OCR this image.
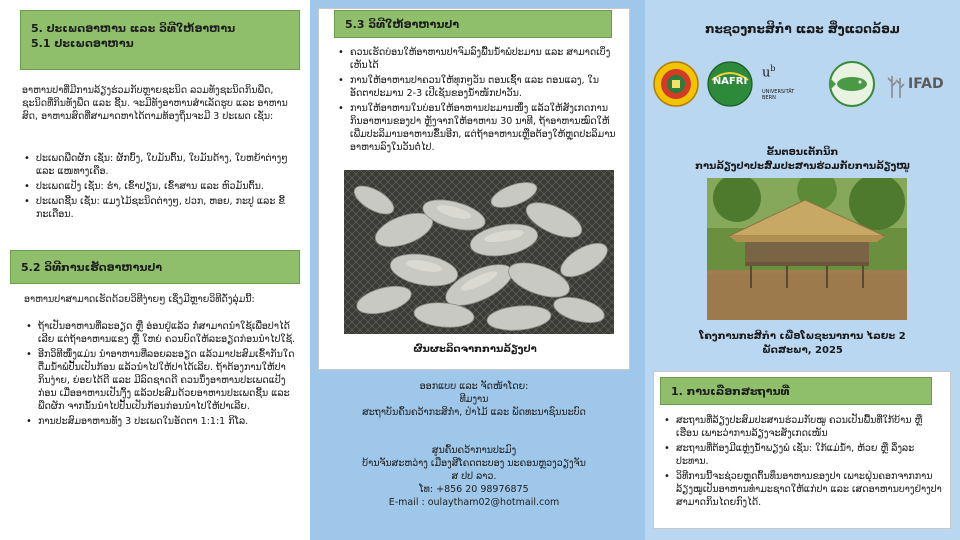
5. ປະເພດອາຫານ ແລະ ວິທີໃຫ້ອາຫານ
5.1 ປະເພດອາຫານ
ອາຫານປາທີ່ມີການລ້ຽງຮ່ວມກັບຫຼາຍຊະນິດ ລວມທັງຊະນິດກິນພືດ, ຊະນິດທີ່ກິນທັງພືດ ແລະ ຊີ້ນ. ຈະມີທັງອາຫານສຳເລັດຮູບ ແລະ ອາຫານສົດ, ອາຫານສົດທີ່ສາມາດຫາໄດ້ຕາມທ້ອງຖິ່ນຈະມີ 3 ປະເພດ ເຊັ່ນ:
• ປະເພດພືດຜັກ ເຊັ່ນ: ຜັກບົ້ງ, ໃບມັນຕົ້ນ, ໃບມັນດ້າງ, ໃບຫຍ້າຕ່າງໆ ແລະ ແໜທາງເຄືອ.
• ປະເພດແປ້ງ ເຊັ່ນ: ຮຳ, ເຂົ້າປຽນ, ເຂົ້າສານ ແລະ ຫົວມັນຕົ້ນ.
• ປະເພດຊີ້ນ ເຊັ່ນ: ແມງໄມ້ຊະນິດຕ່າງໆ, ປວກ, ຫອຍ, ກະປູ ແລະ ຂີ້ກະເດືອນ.
5.2 ວິທີການເຮັດອາຫານປາ
ອາຫານປາສາມາດເຮັດດ້ວຍວິທີງ່າຍໆ ເຊິ່ງມີຫຼາຍວິທີດັ່ງລຸ່ມນີ້:
• ຖ້າເປັນອາຫານທີ່ລະອຽດ ຫຼື ອ່ອນຢູ່ແລ້ວ ກໍ່ສາມາດນຳໃຊ້ເພື່ອປາໄດ້ເລີຍ ແຕ່ຖ້າອາຫານແຂງ ຫຼື ໃຫຍ່ ຄວນບົດໃຫ້ລະອຽດກ່ອນນຳໄປໃຊ້.
• ອີກວິທີໜຶ່ງແມ່ນ ນຳອາຫານທີ່ລອຍລະອຽດ ແລ້ວມາປະສົມເຂົ້າກັນໃດຕື່ມນ້ຳພໍປັ້ນເປັນກ້ອນ ແລ້ວນຳໄປໃຫ້ປາໄດ້ເລີຍ. ຖ້າຕ້ອງການໃຫ້ປາກິນງ່າຍ, ຍ່ອຍໄດ້ດີ ແລະ ມີລົດຊາດດີ ຄວນນຶ່ງອາຫານປະເພດແປ້ງກ່ອນ ເມື່ອອາຫານເປັນງົ້ງ ແລ້ວປະສົມດ້ວຍອາຫານປະເພດຊີ້ນ ແລະ ພືດຜັກ ຈາກນັ້ນນຳໄປປັ້ນເປັນກ້ອນກ່ອນນຳໄປໃຫ້ປາເລີຍ.
• ການປະສົມອາຫານທັງ 3 ປະເພດໃນອັດຕາ 1:1:1 ກິໂລ.
5.3 ວິທີໃຫ້ອາຫານປາ
• ຄວນເຮັດບ່ອນໃຫ້ອາຫານປາຈົມລົງພື້ນນ້ຳພໍປະມານ ແລະ ສາມາດເບິ່ງເຫັນໄດ້
• ການໃຫ້ອາຫານປາຄວນໃຫ້ທຸກໆວັນ ຕອນເຊົ້າ ແລະ ຕອນແລງ, ໃນອັດຕາປະມານ 2-3 ເປີເຊັນຂອງນ້ຳໜັກປາວັນ.
• ການໃຫ້ອາຫານໃນບ່ອນໃຫ້ອາຫານປະມານໜຶ່ງ ແລ້ວໃຫ້ສັງເກດການກິນອາຫານຂອງປາ ຫຼັງຈາກໃຫ້ອາຫານ 30 ນາທີ, ຖ້າອາຫານໝົດໃຫ້ເພີ່ມປະລິມານອາຫານຂຶ້ນອີກ, ແຕ່ຖ້າອາຫານເຫຼືອຕ້ອງໃຫ້ຫຼຸດປະລິມານອາຫານລົງໃນວັນຕໍ່ໄປ.
ຜົນຜະລິດຈາກການລ້ຽງປາ
ອອກແບບ ແລະ ຈັດໜ້າໂດຍ:
ທີມງານ
ສະຖາບັນຄົ້ນຄວ້າກະສິກຳ, ປ່າໄມ້ ແລະ ພັດທະນາຊົນນະບົດ
ສູນຄົ້ນຄວ້າການປະມົງ
ບ້ານຈັນສະຫວ່າງ ເມືອງສີໂຄດຕະບອງ ນະຄອນຫຼວງວຽງຈັນ
ສ ປປ ລາວ.
ໂທ: +856 20 98976875
E-mail : oulaytham02@hotmail.com
ກະຊວງກະສິກຳ ແລະ ສິ່ງແວດລ້ອມ
NAFRI
$u^b$
UNIVERSITÄT
BERN
IFAD
ຂັ້ນຕອນເຕັກນິກ
ການລ້ຽງປາປະສົມປະສານຮ່ວມກັບການລ້ຽງໝູ
ໂຄງການກະສິກຳ ເພື່ອໂພຊະນາການ ໄລຍະ 2
ພັດສະພາ, 2025
1. ການເລືອກສະຖານທີ່
• ສະຖານທີ່ລ້ຽງປະສົມປະສານຮ່ວມກັບໝູ ຄວນເປັນພື້ນທີ່ໃກ້ບ້ານ ຫຼື ເຮືອນ ເພາະວ່າການລ້ຽງຈະສັງເກດເໜັນ
• ສະຖານທີ່ຕ້ອງມີແຫຼ່ງນ້ຳພຽງພໍ ເຊັ່ນ: ໃກ້ແມ່ນ້ຳ, ຫ້ວຍ ຫຼື ລິ່ງລະປະທານ.
• ວິທີການນີ້ຈະຊ່ວຍຫຼຸດຕົ້ນທຶນອາຫານຂອງປາ ເພາະຝຸ່ນຄອກຈາກການລ້ຽງໝູເປັນອາຫານທຳມະຊາດໃຫ້ແກ່ປາ ແລະ ເສດອາຫານບາງຢ່າງປາສາມາດກິນໄດຍກົງໄດ້.
